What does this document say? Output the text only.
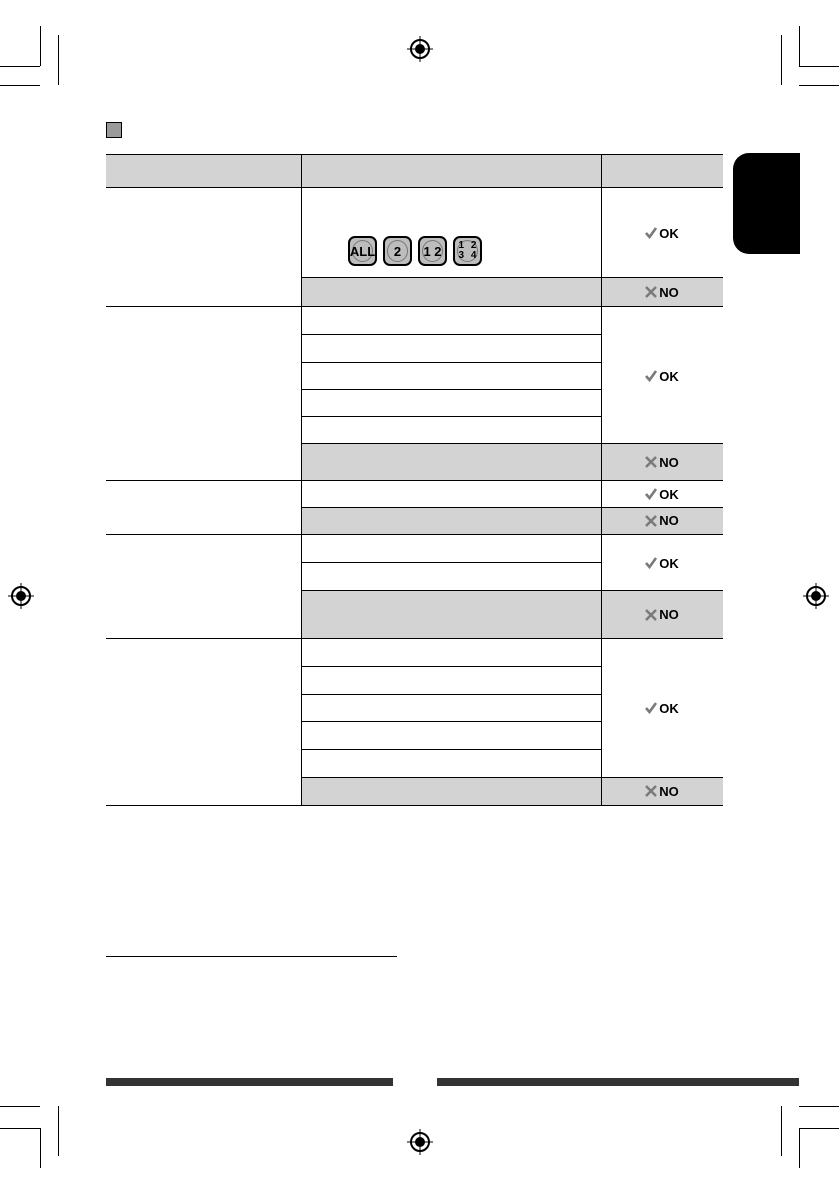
ALL 2 1 2 1 2 3 4
OK
NO
OK
NO
OK
NO
OK
NO
OK
NO
